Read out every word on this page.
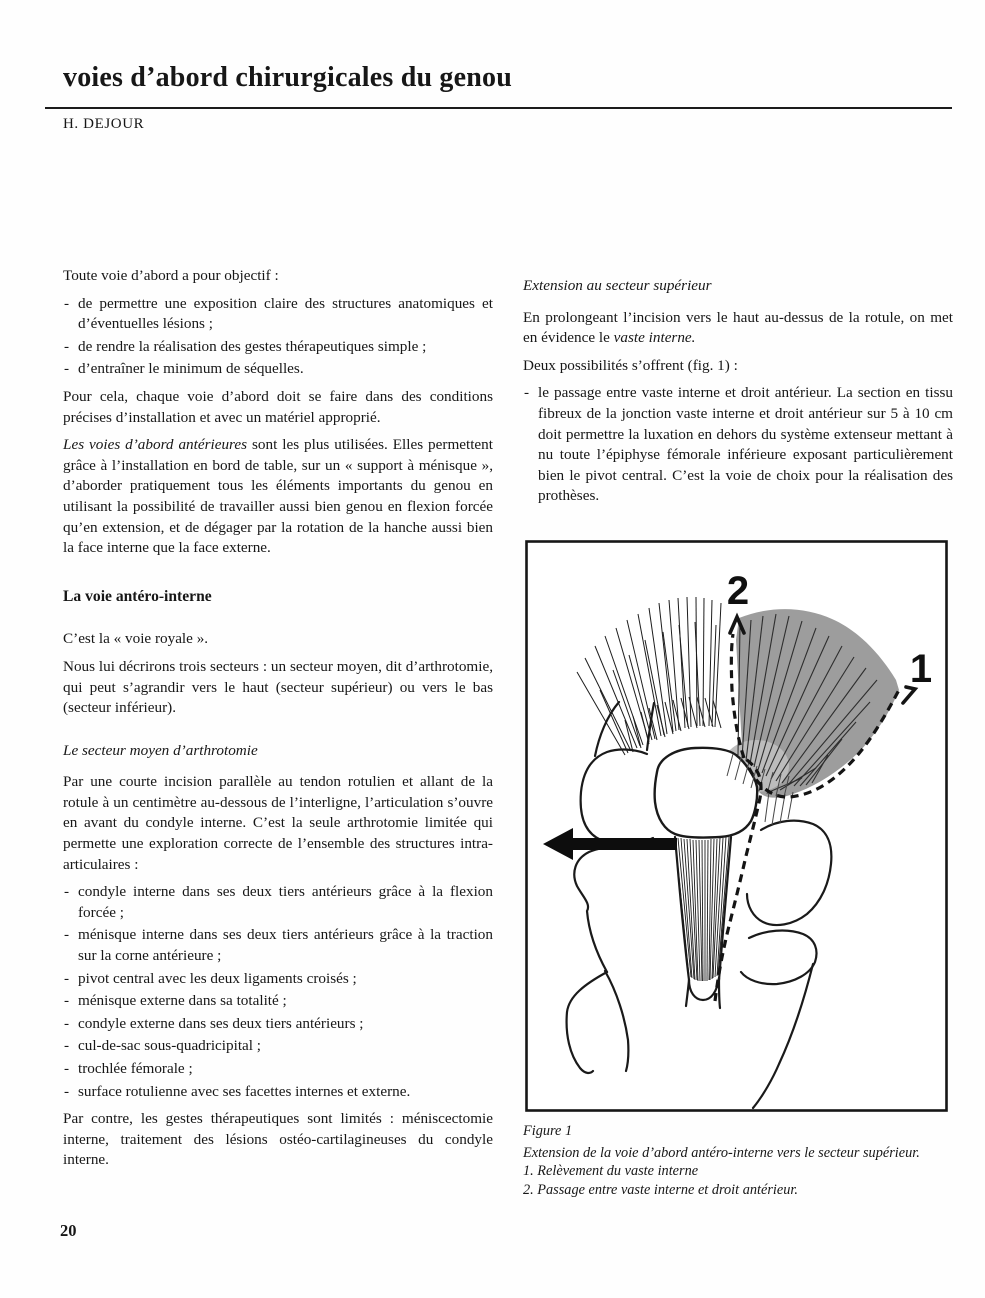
voies d’abord chirurgicales du genou
H. DEJOUR

Toute voie d’abord a pour objectif :

- de permettre une exposition claire des structures anatomiques et d’éventuelles lésions ;
- de rendre la réalisation des gestes thérapeutiques simple ;
- d’entraîner le minimum de séquelles.

Pour cela, chaque voie d’abord doit se faire dans des conditions précises d’installation et avec un matériel approprié.

Les voies d’abord antérieures sont les plus utilisées. Elles permettent grâce à l’installation en bord de table, sur un « support à ménisque », d’aborder pratiquement tous les éléments importants du genou en utilisant la possibilité de travailler aussi bien genou en flexion forcée qu’en extension, et de dégager par la rotation de la hanche aussi bien la face interne que la face externe.

La voie antéro-interne

C’est la « voie royale ».

Nous lui décrirons trois secteurs : un secteur moyen, dit d’arthrotomie, qui peut s’agrandir vers le haut (secteur supérieur) ou vers le bas (secteur inférieur).

Le secteur moyen d’arthrotomie

Par une courte incision parallèle au tendon rotulien et allant de la rotule à un centimètre au-dessous de l’interligne, l’articulation s’ouvre en avant du condyle interne. C’est la seule arthrotomie limitée qui permette une exploration correcte de l’ensemble des structures intra-articulaires :

- condyle interne dans ses deux tiers antérieurs grâce à la flexion forcée ;
- ménisque interne dans ses deux tiers antérieurs grâce à la traction sur la corne antérieure ;
- pivot central avec les deux ligaments croisés ;
- ménisque externe dans sa totalité ;
- condyle externe dans ses deux tiers antérieurs ;
- cul-de-sac sous-quadricipital ;
- trochlée fémorale ;
- surface rotulienne avec ses facettes internes et externe.

Par contre, les gestes thérapeutiques sont limités : méniscectomie interne, traitement des lésions ostéo-cartilagineuses du condyle interne.

Extension au secteur supérieur

En prolongeant l’incision vers le haut au-dessus de la rotule, on met en évidence le vaste interne.

Deux possibilités s’offrent (fig. 1) :

- le passage entre vaste interne et droit antérieur. La section en tissu fibreux de la jonction vaste interne et droit antérieur sur 5 à 10 cm doit permettre la luxation en dehors du système extenseur mettant à nu toute l’épiphyse fémorale inférieure exposant particulièrement bien le pivot central. C’est la voie de choix pour la réalisation des prothèses.
2
1

Figure 1

Extension de la voie d’abord antéro-interne vers le secteur supérieur.

1. Relèvement du vaste interne

2. Passage entre vaste interne et droit antérieur.

20
